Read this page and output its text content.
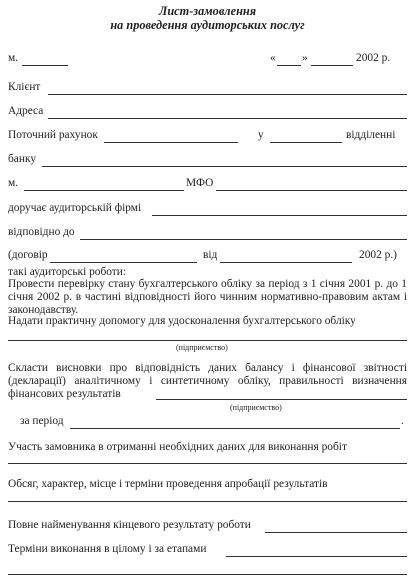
Лист-замовлення
на проведення аудиторських послуг
м.	« »	2002 р.
Клієнт
Адреса
Поточний рахунок	у	відділенні
банку
м.	МФО
доручає аудиторській фірмі
відповідно до
(договір	від	2002 р.)
такі аудиторські роботи:
Провести перевірку стану бухгалтерського обліку за період з 1 січня 2001 р. до 1 січня 2002 р. в частині відповідності його чинним нормативно-правовим актам і законодавству.
Надати практичну допомогу для удосконалення бухгалтерського обліку
(підприємство)
Скласти висновки про відповідність даних балансу і фінансової звітності (декларації) аналітичному і синтетичному обліку, правильності визначення фінансових результатів
(підприємство)
за період	.
Участь замовника в отриманні необхідних даних для виконання робіт
Обсяг, характер, місце і терміни проведення апробації результатів
Повне найменування кінцевого результату роботи
Терміни виконання в цілому і за етапами
